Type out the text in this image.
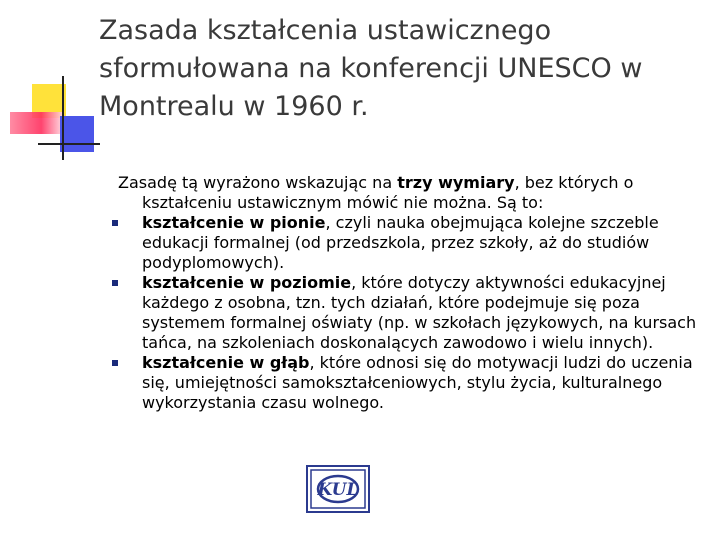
Zasada kształcenia ustawicznego sformułowana na konferencji UNESCO w Montrealu w 1960 r.

Zasadę tą wyrażono wskazując na trzy wymiary, bez których o kształceniu ustawicznym mówić nie można. Są to:

kształcenie w pionie, czyli nauka obejmująca kolejne szczeble edukacji formalnej (od przedszkola, przez szkoły, aż do studiów podyplomowych).
kształcenie w poziomie, które dotyczy aktywności edukacyjnej każdego z osobna, tzn. tych działań, które podejmuje się poza systemem formalnej oświaty (np. w szkołach językowych, na kursach tańca, na szkoleniach doskonalących zawodowo i wielu innych).
kształcenie w głąb, które odnosi się do motywacji ludzi do uczenia się, umiejętności samokształceniowych, stylu życia, kulturalnego wykorzystania czasu wolnego.
KUL
